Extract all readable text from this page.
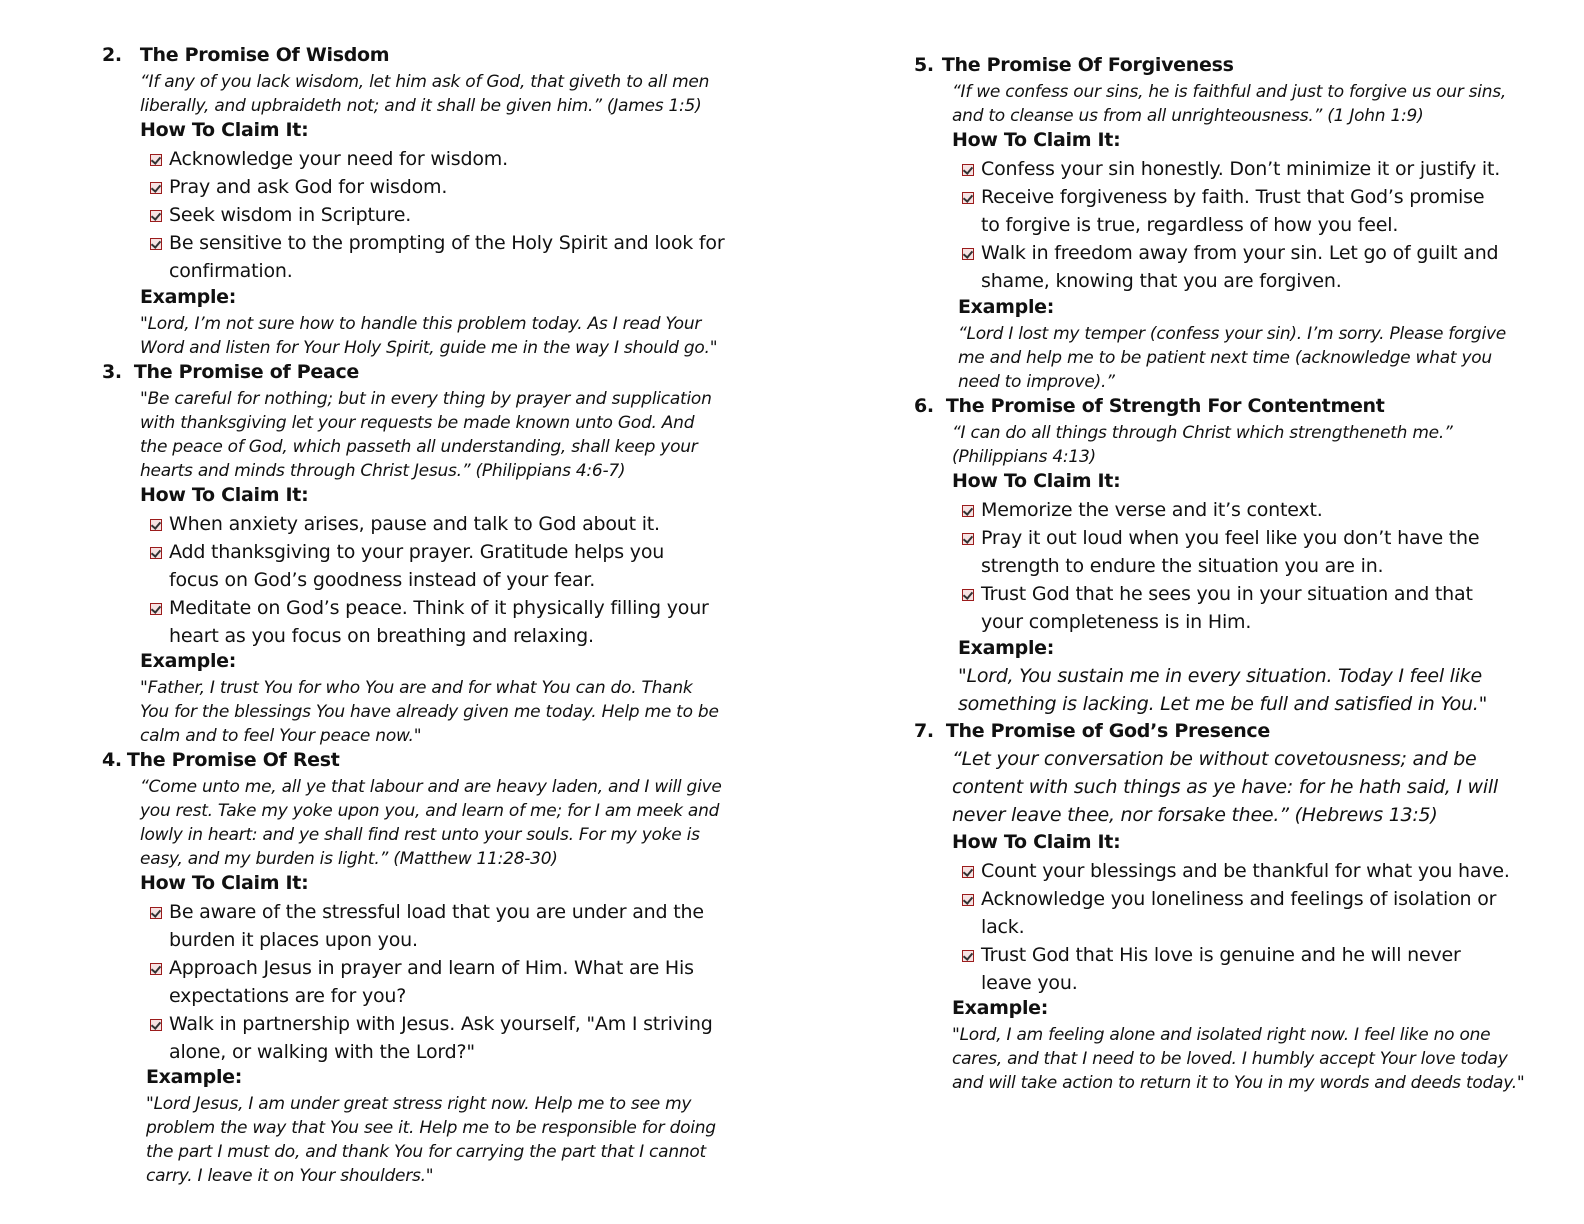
2. The Promise Of Wisdom
“If any of you lack wisdom, let him ask of God, that giveth to all men liberally, and upbraideth not; and it shall be given him.” (James 1:5)
How To Claim It:
Acknowledge your need for wisdom.
Pray and ask God for wisdom.
Seek wisdom in Scripture.
Be sensitive to the prompting of the Holy Spirit and look for confirmation.
Example:
"Lord, I’m not sure how to handle this problem today. As I read Your Word and listen for Your Holy Spirit, guide me in the way I should go."
3. The Promise of Peace
"Be careful for nothing; but in every thing by prayer and supplication with thanksgiving let your requests be made known unto God. And the peace of God, which passeth all understanding, shall keep your hearts and minds through Christ Jesus.” (Philippians 4:6-7)
How To Claim It:
When anxiety arises, pause and talk to God about it.
Add thanksgiving to your prayer. Gratitude helps you focus on God’s goodness instead of your fear.
Meditate on God’s peace. Think of it physically filling your heart as you focus on breathing and relaxing.
Example:
"Father, I trust You for who You are and for what You can do. Thank You for the blessings You have already given me today. Help me to be calm and to feel Your peace now."
4. The Promise Of Rest
“Come unto me, all ye that labour and are heavy laden, and I will give you rest. Take my yoke upon you, and learn of me; for I am meek and lowly in heart: and ye shall find rest unto your souls. For my yoke is easy, and my burden is light.” (Matthew 11:28-30)
How To Claim It:
Be aware of the stressful load that you are under and the burden it places upon you.
Approach Jesus in prayer and learn of Him. What are His expectations are for you?
Walk in partnership with Jesus. Ask yourself, "Am I striving alone, or walking with the Lord?"
Example:
"Lord Jesus, I am under great stress right now. Help me to see my problem the way that You see it. Help me to be responsible for doing the part I must do, and thank You for carrying the part that I cannot carry. I leave it on Your shoulders."
5. The Promise Of Forgiveness
“If we confess our sins, he is faithful and just to forgive us our sins, and to cleanse us from all unrighteousness.” (1 John 1:9)
How To Claim It:
Confess your sin honestly. Don’t minimize it or justify it.
Receive forgiveness by faith. Trust that God’s promise to forgive is true, regardless of how you feel.
Walk in freedom away from your sin. Let go of guilt and shame, knowing that you are forgiven.
Example:
“Lord I lost my temper (confess your sin). I’m sorry. Please forgive me and help me to be patient next time (acknowledge what you need to improve).”
6. The Promise of Strength For Contentment
“I can do all things through Christ which strengtheneth me.” (Philippians 4:13)
How To Claim It:
Memorize the verse and it’s context.
Pray it out loud when you feel like you don’t have the strength to endure the situation you are in.
Trust God that he sees you in your situation and that your completeness is in Him.
Example:
"Lord, You sustain me in every situation. Today I feel like something is lacking. Let me be full and satisfied in You."
7. The Promise of God’s Presence
“Let your conversation be without covetousness; and be content with such things as ye have: for he hath said, I will never leave thee, nor forsake thee.” (Hebrews 13:5)
How To Claim It:
Count your blessings and be thankful for what you have.
Acknowledge you loneliness and feelings of isolation or lack.
Trust God that His love is genuine and he will never leave you.
Example:
"Lord, I am feeling alone and isolated right now. I feel like no one cares, and that I need to be loved. I humbly accept Your love today and will take action to return it to You in my words and deeds today."
